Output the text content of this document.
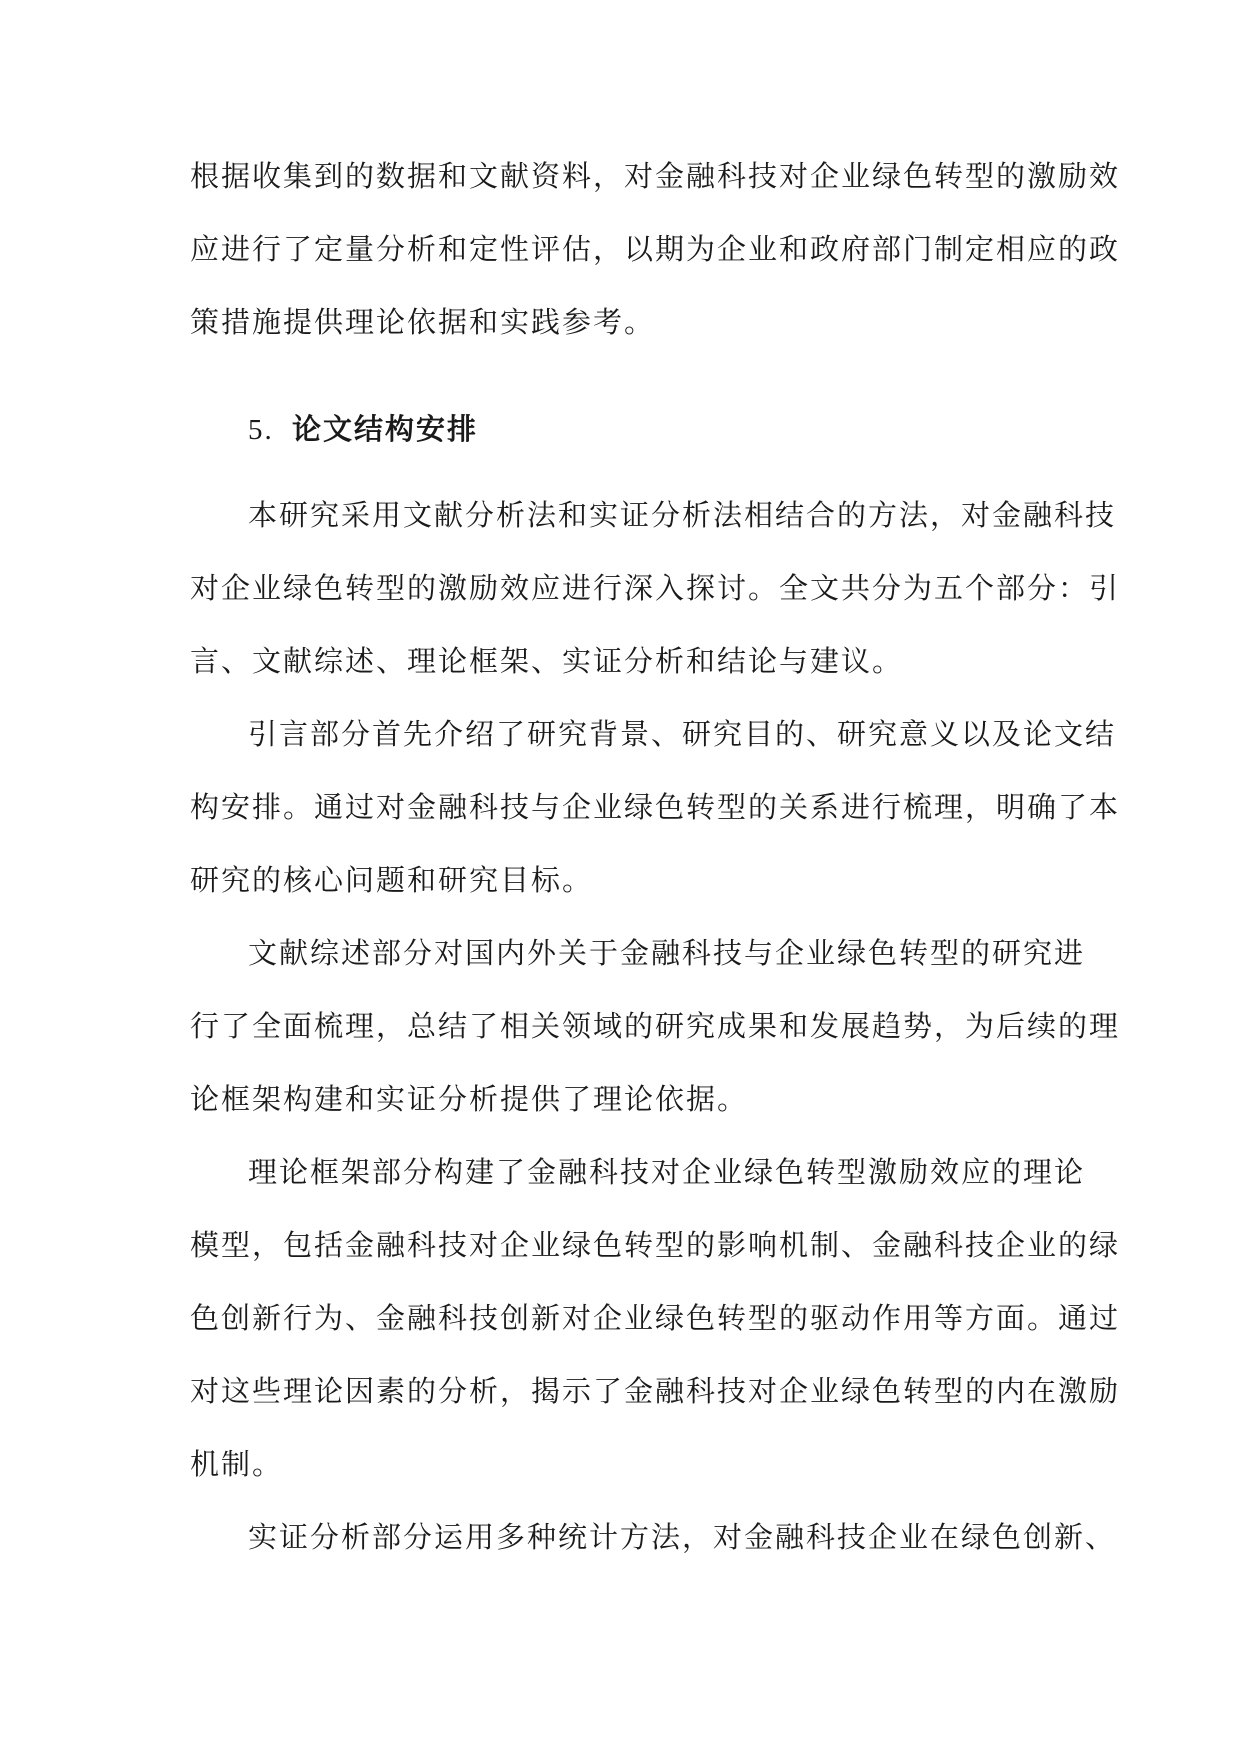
根据收集到的数据和文献资料，对金融科技对企业绿色转型的激励效
应进行了定量分析和定性评估，以期为企业和政府部门制定相应的政
策措施提供理论依据和实践参考。

5. 论文结构安排

本研究采用文献分析法和实证分析法相结合的方法，对金融科技
对企业绿色转型的激励效应进行深入探讨。全文共分为五个部分：引
言、文献综述、理论框架、实证分析和结论与建议。

引言部分首先介绍了研究背景、研究目的、研究意义以及论文结
构安排。通过对金融科技与企业绿色转型的关系进行梳理，明确了本
研究的核心问题和研究目标。

文献综述部分对国内外关于金融科技与企业绿色转型的研究进
行了全面梳理，总结了相关领域的研究成果和发展趋势，为后续的理
论框架构建和实证分析提供了理论依据。

理论框架部分构建了金融科技对企业绿色转型激励效应的理论
模型，包括金融科技对企业绿色转型的影响机制、金融科技企业的绿
色创新行为、金融科技创新对企业绿色转型的驱动作用等方面。通过
对这些理论因素的分析，揭示了金融科技对企业绿色转型的内在激励
机制。

实证分析部分运用多种统计方法，对金融科技企业在绿色创新、
